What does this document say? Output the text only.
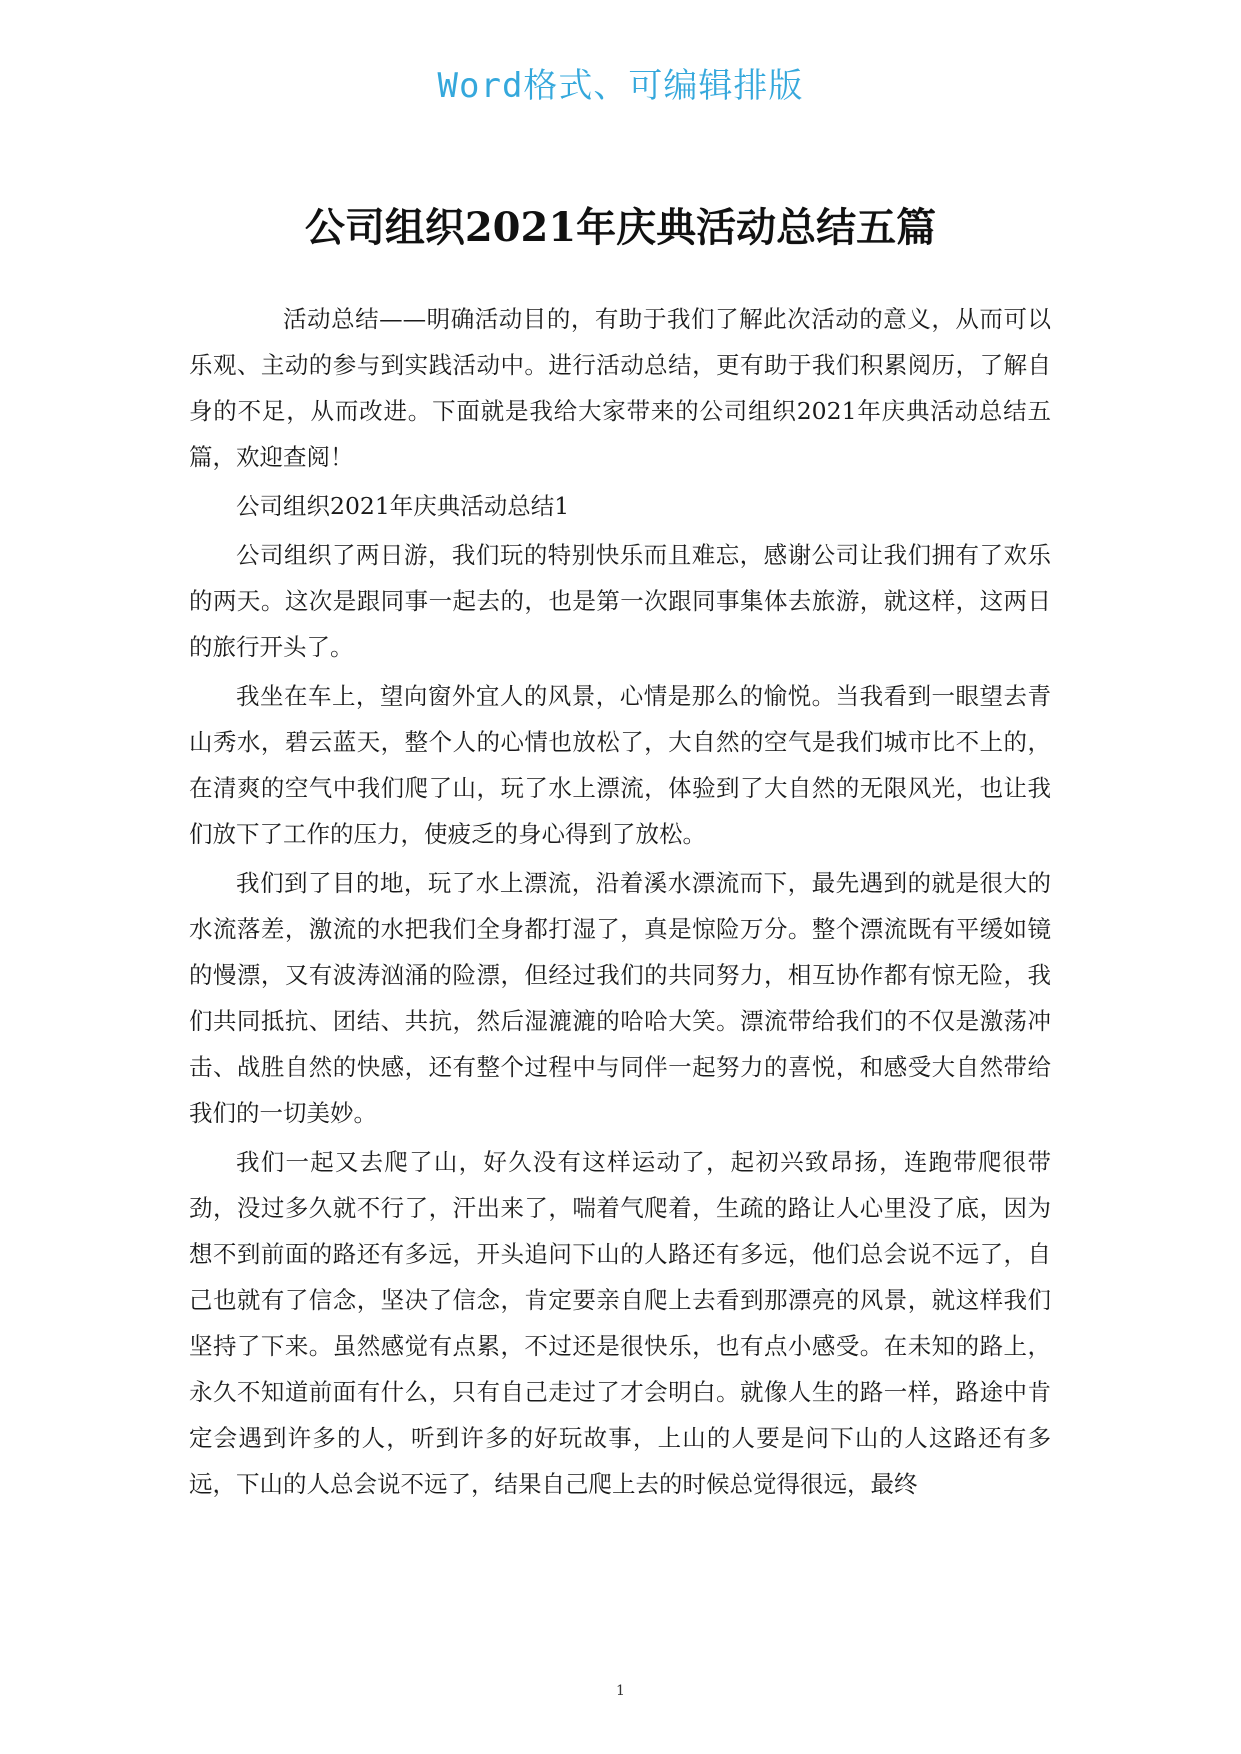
Word格式、可编辑排版
公司组织2021年庆典活动总结五篇

活动总结——明确活动目的，有助于我们了解此次活动的意义，从而可以乐观、主动的参与到实践活动中。进行活动总结，更有助于我们积累阅历，了解自身的不足，从而改进。下面就是我给大家带来的公司组织2021年庆典活动总结五篇，欢迎查阅！

公司组织2021年庆典活动总结1

公司组织了两日游，我们玩的特别快乐而且难忘，感谢公司让我们拥有了欢乐的两天。这次是跟同事一起去的，也是第一次跟同事集体去旅游，就这样，这两日的旅行开头了。

我坐在车上，望向窗外宜人的风景，心情是那么的愉悦。当我看到一眼望去青山秀水，碧云蓝天，整个人的心情也放松了，大自然的空气是我们城市比不上的，在清爽的空气中我们爬了山，玩了水上漂流，体验到了大自然的无限风光，也让我们放下了工作的压力，使疲乏的身心得到了放松。

我们到了目的地，玩了水上漂流，沿着溪水漂流而下，最先遇到的就是很大的水流落差，激流的水把我们全身都打湿了，真是惊险万分。整个漂流既有平缓如镜的慢漂，又有波涛汹涌的险漂，但经过我们的共同努力，相互协作都有惊无险，我们共同抵抗、团结、共抗，然后湿漉漉的哈哈大笑。漂流带给我们的不仅是激荡冲击、战胜自然的快感，还有整个过程中与同伴一起努力的喜悦，和感受大自然带给我们的一切美妙。

我们一起又去爬了山，好久没有这样运动了，起初兴致昂扬，连跑带爬很带劲，没过多久就不行了，汗出来了，喘着气爬着，生疏的路让人心里没了底，因为想不到前面的路还有多远，开头追问下山的人路还有多远，他们总会说不远了，自己也就有了信念，坚决了信念，肯定要亲自爬上去看到那漂亮的风景，就这样我们坚持了下来。虽然感觉有点累，不过还是很快乐，也有点小感受。在未知的路上，永久不知道前面有什么，只有自己走过了才会明白。就像人生的路一样，路途中肯定会遇到许多的人，听到许多的好玩故事，上山的人要是问下山的人这路还有多远，下山的人总会说不远了，结果自己爬上去的时候总觉得很远，最终

1
